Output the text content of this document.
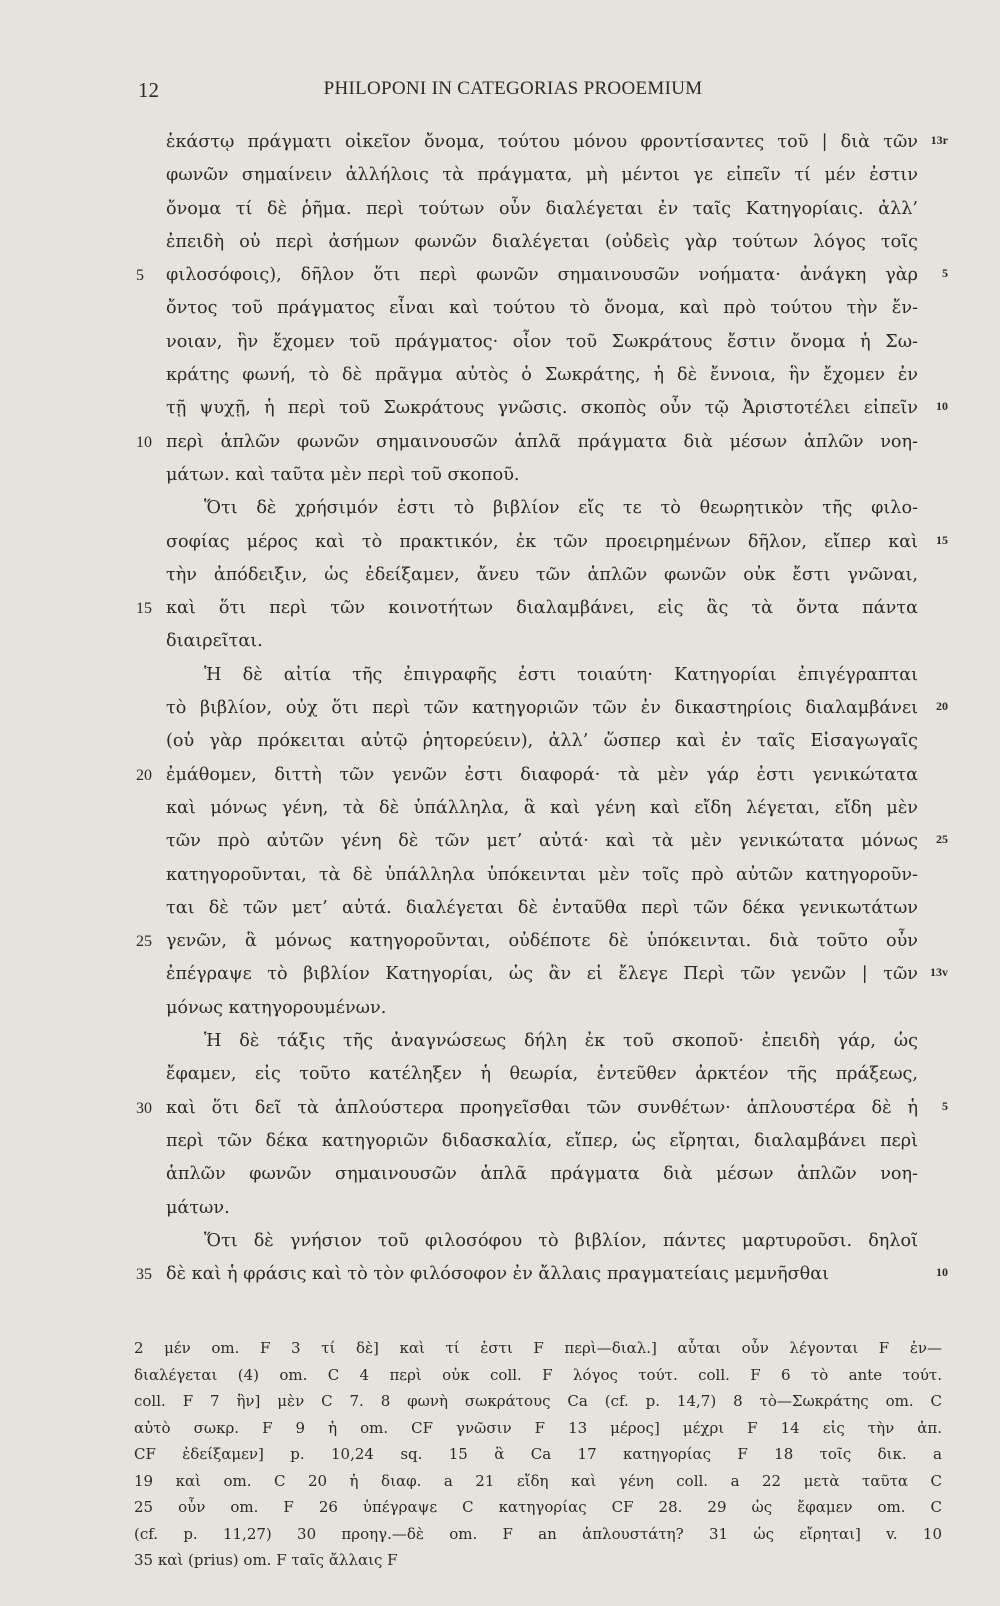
12	PHILOPONI IN CATEGORIAS PROOEMIUM
ἑκάστῳ πράγματι οἰκεῖον ὄνομα, τούτου μόνου φροντίσαντες τοῦ | διὰ τῶν 13r
φωνῶν σημαίνειν ἀλλήλοις τὰ πράγματα, μὴ μέντοι γε εἰπεῖν τί μέν ἐστιν
ὄνομα τί δὲ ῥῆμα. περὶ τούτων οὖν διαλέγεται ἐν ταῖς Κατηγορίαις. ἀλλ’
ἐπειδὴ οὐ περὶ ἀσήμων φωνῶν διαλέγεται (οὐδεὶς γὰρ τούτων λόγος τοῖς
φιλοσόφοις), δῆλον ὅτι περὶ φωνῶν σημαινουσῶν νοήματα· ἀνάγκη γὰρ
5	5
ὄντος τοῦ πράγματος εἶναι καὶ τούτου τὸ ὄνομα, καὶ πρὸ τούτου τὴν ἔν-
νοιαν, ἣν ἔχομεν τοῦ πράγματος· οἷον τοῦ Σωκράτους ἔστιν ὄνομα ἡ Σω-
κράτης φωνή, τὸ δὲ πρᾶγμα αὐτὸς ὁ Σωκράτης, ἡ δὲ ἔννοια, ἣν ἔχομεν ἐν
τῇ ψυχῇ, ἡ περὶ τοῦ Σωκράτους γνῶσις. σκοπὸς οὖν τῷ Ἀριστοτέλει εἰπεῖν 10
περὶ ἁπλῶν φωνῶν σημαινουσῶν ἁπλᾶ πράγματα διὰ μέσων ἁπλῶν νοη-
10
μάτων. καὶ ταῦτα μὲν περὶ τοῦ σκοποῦ.
Ὅτι δὲ χρήσιμόν ἐστι τὸ βιβλίον εἴς τε τὸ θεωρητικὸν τῆς φιλο-
σοφίας μέρος καὶ τὸ πρακτικόν, ἐκ τῶν προειρημένων δῆλον, εἴπερ καὶ 15
τὴν ἀπόδειξιν, ὡς ἐδείξαμεν, ἄνευ τῶν ἁπλῶν φωνῶν οὐκ ἔστι γνῶναι,
καὶ ὅτι περὶ τῶν κοινοτήτων διαλαμβάνει, εἰς ἃς τὰ ὄντα πάντα
15
διαιρεῖται.
Ἡ δὲ αἰτία τῆς ἐπιγραφῆς ἐστι τοιαύτη· Κατηγορίαι ἐπιγέγραπται
τὸ βιβλίον, οὐχ ὅτι περὶ τῶν κατηγοριῶν τῶν ἐν δικαστηρίοις διαλαμβάνει 20
(οὐ γὰρ πρόκειται αὐτῷ ῥητορεύειν), ἀλλ’ ὥσπερ καὶ ἐν ταῖς Εἰσαγωγαῖς
ἐμάθομεν, διττὴ τῶν γενῶν ἐστι διαφορά· τὰ μὲν γάρ ἐστι γενικώτατα
20
καὶ μόνως γένη, τὰ δὲ ὑπάλληλα, ἃ καὶ γένη καὶ εἴδη λέγεται, εἴδη μὲν
τῶν πρὸ αὐτῶν γένη δὲ τῶν μετ’ αὐτά· καὶ τὰ μὲν γενικώτατα μόνως 25
κατηγοροῦνται, τὰ δὲ ὑπάλληλα ὑπόκεινται μὲν τοῖς πρὸ αὐτῶν κατηγοροῦν-
ται δὲ τῶν μετ’ αὐτά. διαλέγεται δὲ ἐνταῦθα περὶ τῶν δέκα γενικωτάτων
γενῶν, ἃ μόνως κατηγοροῦνται, οὐδέποτε δὲ ὑπόκεινται. διὰ τοῦτο οὖν
25
ἐπέγραψε τὸ βιβλίον Κατηγορίαι, ὡς ἂν εἰ ἔλεγε Περὶ τῶν γενῶν | τῶν 13v
μόνως κατηγορουμένων.
Ἡ δὲ τάξις τῆς ἀναγνώσεως δήλη ἐκ τοῦ σκοποῦ· ἐπειδὴ γάρ, ὡς
ἔφαμεν, εἰς τοῦτο κατέληξεν ἡ θεωρία, ἐντεῦθεν ἀρκτέον τῆς πράξεως,
καὶ ὅτι δεῖ τὰ ἁπλούστερα προηγεῖσθαι τῶν συνθέτων· ἁπλουστέρα δὲ ἡ
30	5
περὶ τῶν δέκα κατηγοριῶν διδασκαλία, εἴπερ, ὡς εἴρηται, διαλαμβάνει περὶ
ἁπλῶν φωνῶν σημαινουσῶν ἁπλᾶ πράγματα διὰ μέσων ἁπλῶν νοη-
μάτων.
Ὅτι δὲ γνήσιον τοῦ φιλοσόφου τὸ βιβλίον, πάντες μαρτυροῦσι. δηλοῖ
δὲ καὶ ἡ φράσις καὶ τὸ τὸν φιλόσοφον ἐν ἄλλαις πραγματείαις μεμνῆσθαι
35	10
2 μέν om. F 3 τί δὲ] καὶ τί ἐστι F περὶ—διαλ.] αὗται οὖν λέγονται F ἐν—
διαλέγεται (4) om. C 4 περὶ οὐκ coll. F λόγος τούτ. coll. F 6 τὸ ante τούτ.
coll. F 7 ἣν] μὲν C 7. 8 φωνὴ σωκράτους Ca (cf. p. 14,7) 8 τὸ—Σωκράτης om. C
αὐτὸ σωκρ. F 9 ἡ om. CF γνῶσιν F 13 μέρος] μέχρι F 14 εἰς τὴν ἀπ.
CF ἐδείξαμεν] p. 10,24 sq. 15 ἃ Ca 17 κατηγορίας F 18 τοῖς δικ. a
19 καὶ om. C 20 ἡ διαφ. a 21 εἴδη καὶ γένη coll. a 22 μετὰ ταῦτα C
25 οὖν om. F 26 ὑπέγραψε C κατηγορίας CF 28. 29 ὡς ἔφαμεν om. C
(cf. p. 11,27) 30 προηγ.—δὲ om. F an ἁπλουστάτη? 31 ὡς εἴρηται] v. 10
35 καὶ (prius) om. F ταῖς ἄλλαις F
